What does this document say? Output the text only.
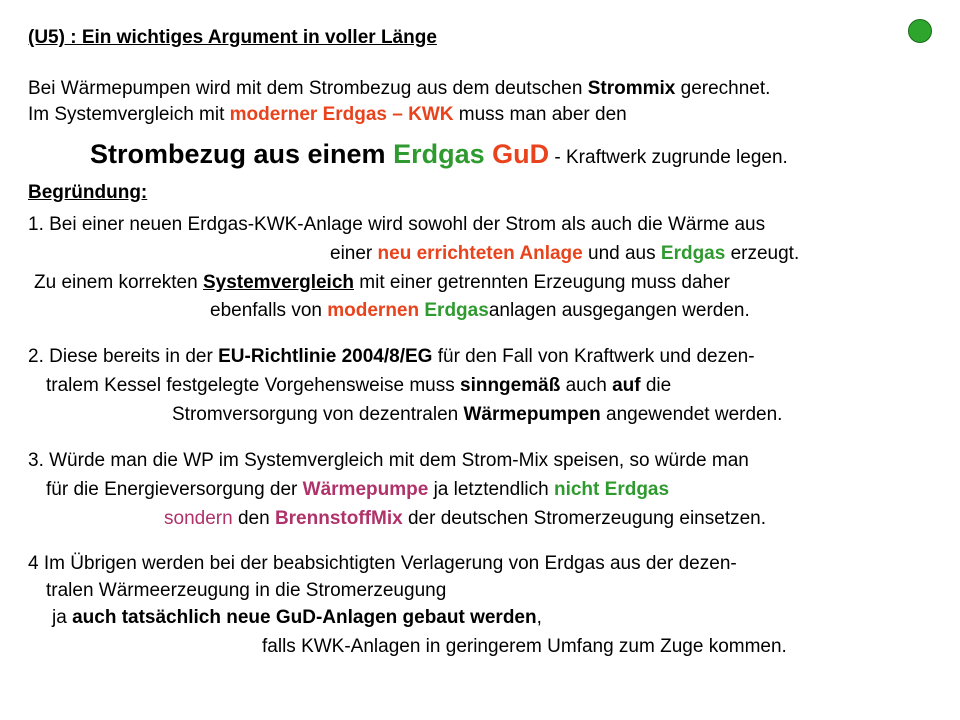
(U5) : Ein wichtiges Argument in voller Länge
Bei Wärmepumpen wird mit dem Strombezug aus dem deutschen Strommix gerechnet.
Im Systemvergleich mit moderner Erdgas – KWK muss man aber den
Strombezug aus einem Erdgas GuD - Kraftwerk zugrunde legen.
Begründung:
1. Bei einer neuen Erdgas-KWK-Anlage wird sowohl der Strom als auch die Wärme aus
einer neu errichteten Anlage und aus Erdgas erzeugt.
Zu einem korrekten Systemvergleich mit einer getrennten Erzeugung muss daher
ebenfalls von modernen Erdgasanlagen ausgegangen werden.
2. Diese bereits in der EU-Richtlinie 2004/8/EG für den Fall von Kraftwerk und dezen-
tralem Kessel festgelegte Vorgehensweise muss sinngemäß auch auf die
Stromversorgung von dezentralen Wärmepumpen angewendet werden.
3. Würde man die WP im Systemvergleich mit dem Strom-Mix speisen, so würde man
für die Energieversorgung der Wärmepumpe ja letztendlich nicht Erdgas
sondern den BrennstoffMix der deutschen Stromerzeugung einsetzen.
4 Im Übrigen werden bei der beabsichtigten Verlagerung von Erdgas aus der dezen-
tralen Wärmeerzeugung in die Stromerzeugung
ja auch tatsächlich neue GuD-Anlagen gebaut werden,
falls KWK-Anlagen in geringerem Umfang zum Zuge kommen.
